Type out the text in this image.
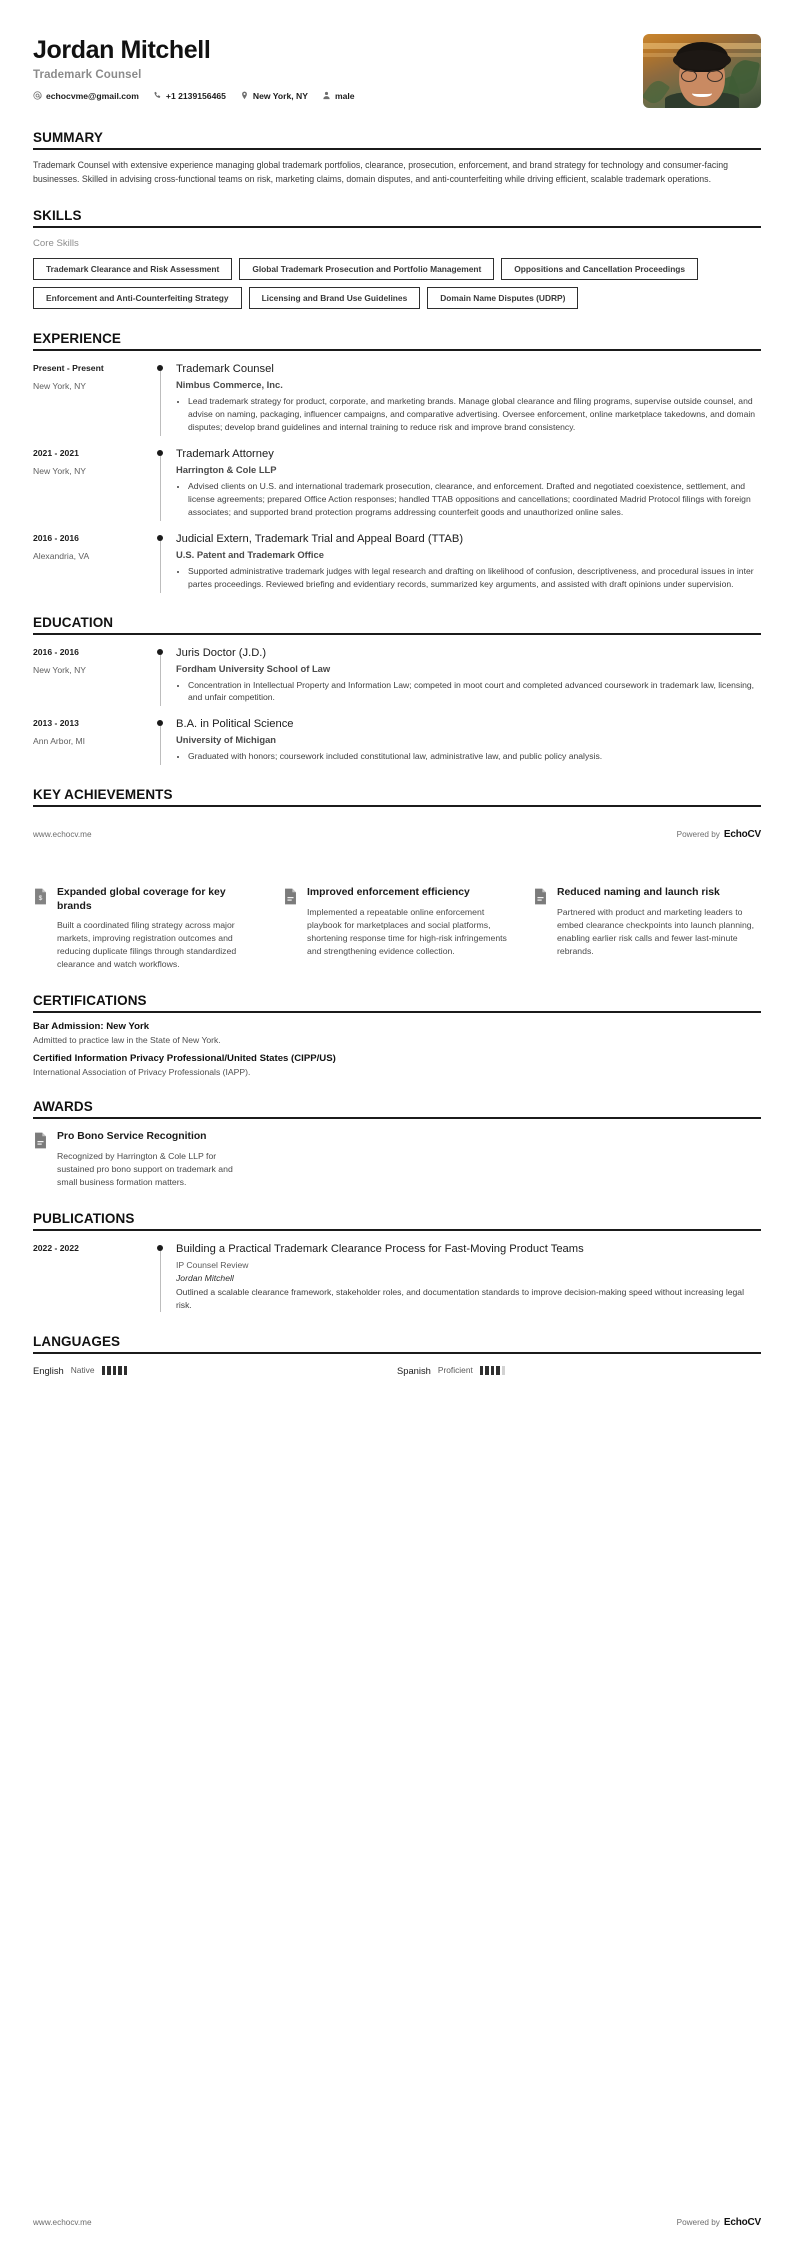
Jordan Mitchell
Trademark Counsel
echocvme@gmail.com	+1 2139156465	New York, NY	male
SUMMARY

Trademark Counsel with extensive experience managing global trademark portfolios, clearance, prosecution, enforcement, and brand strategy for technology and consumer-facing businesses. Skilled in advising cross-functional teams on risk, marketing claims, domain disputes, and anti-counterfeiting while driving efficient, scalable trademark operations.

SKILLS
Core Skills
Trademark Clearance and Risk Assessment	Global Trademark Prosecution and Portfolio Management	Oppositions and Cancellation Proceedings
Enforcement and Anti-Counterfeiting Strategy	Licensing and Brand Use Guidelines	Domain Name Disputes (UDRP)
EXPERIENCE
Present - Present
New York, NY
Trademark Counsel
Nimbus Commerce, Inc.
• Lead trademark strategy for product, corporate, and marketing brands. Manage global clearance and filing programs, supervise outside counsel, and advise on naming, packaging, influencer campaigns, and comparative advertising. Oversee enforcement, online marketplace takedowns, and domain disputes; develop brand guidelines and internal training to reduce risk and improve brand consistency.
2021 - 2021
New York, NY
Trademark Attorney
Harrington & Cole LLP
• Advised clients on U.S. and international trademark prosecution, clearance, and enforcement. Drafted and negotiated coexistence, settlement, and license agreements; prepared Office Action responses; handled TTAB oppositions and cancellations; coordinated Madrid Protocol filings with foreign associates; and supported brand protection programs addressing counterfeit goods and unauthorized online sales.
2016 - 2016
Alexandria, VA
Judicial Extern, Trademark Trial and Appeal Board (TTAB)
U.S. Patent and Trademark Office
• Supported administrative trademark judges with legal research and drafting on likelihood of confusion, descriptiveness, and procedural issues in inter partes proceedings. Reviewed briefing and evidentiary records, summarized key arguments, and assisted with draft opinions under supervision.
EDUCATION
2016 - 2016
New York, NY
Juris Doctor (J.D.)
Fordham University School of Law
• Concentration in Intellectual Property and Information Law; competed in moot court and completed advanced coursework in trademark law, licensing, and unfair competition.
2013 - 2013
Ann Arbor, MI
B.A. in Political Science
University of Michigan
• Graduated with honors; coursework included constitutional law, administrative law, and public policy analysis.
KEY ACHIEVEMENTS
www.echocv.me	Powered by EchoCV
$
Expanded global coverage for key brands
Built a coordinated filing strategy across major markets, improving registration outcomes and reducing duplicate filings through standardized clearance and watch workflows.
Improved enforcement efficiency
Implemented a repeatable online enforcement playbook for marketplaces and social platforms, shortening response time for high-risk infringements and strengthening evidence collection.
Reduced naming and launch risk
Partnered with product and marketing leaders to embed clearance checkpoints into launch planning, enabling earlier risk calls and fewer last-minute rebrands.
CERTIFICATIONS
Bar Admission: New York
Admitted to practice law in the State of New York.
Certified Information Privacy Professional/United States (CIPP/US)
International Association of Privacy Professionals (IAPP).
AWARDS
Pro Bono Service Recognition
Recognized by Harrington & Cole LLP for sustained pro bono support on trademark and small business formation matters.
PUBLICATIONS
2022 - 2022	Building a Practical Trademark Clearance Process for Fast-Moving Product Teams
IP Counsel Review
Jordan Mitchell
Outlined a scalable clearance framework, stakeholder roles, and documentation standards to improve decision-making speed without increasing legal risk.
LANGUAGES
English Native	Spanish Proficient
www.echocv.me	Powered by EchoCV
